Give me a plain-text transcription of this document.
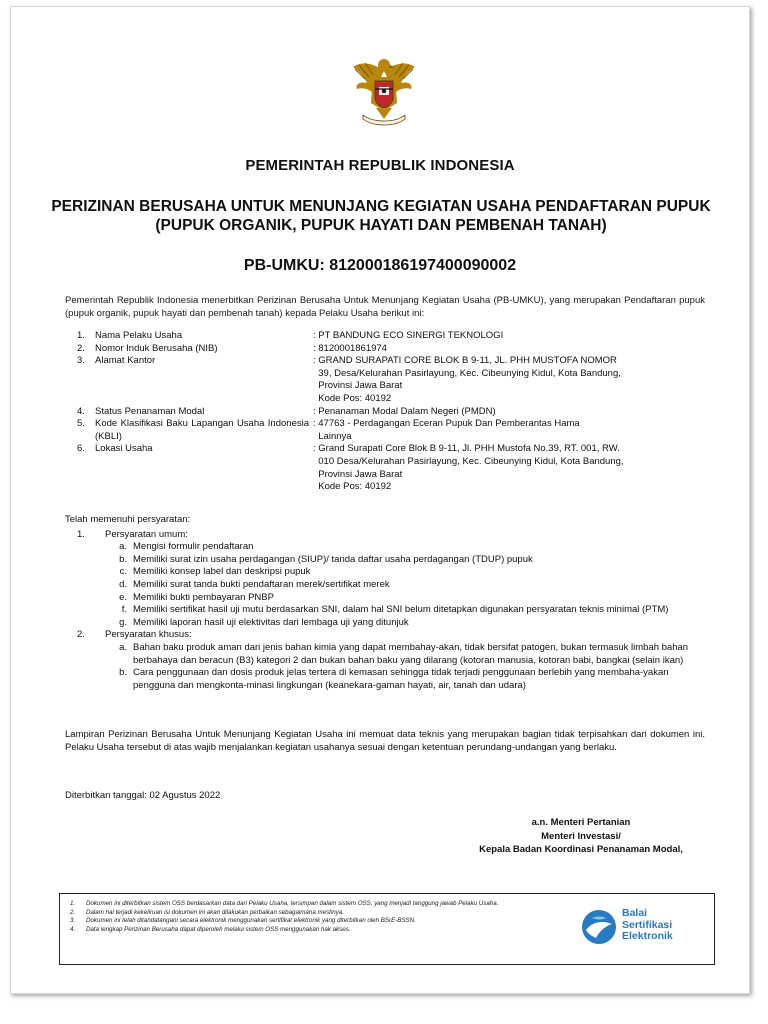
PEMERINTAH REPUBLIK INDONESIA
PERIZINAN BERUSAHA UNTUK MENUNJANG KEGIATAN USAHA PENDAFTARAN PUPUK (PUPUK ORGANIK, PUPUK HAYATI DAN PEMBENAH TANAH)
PB-UMKU: 812000186197400090002
Pemerintah Republik Indonesia menerbitkan Perizinan Berusaha Untuk Menunjang Kegiatan Usaha (PB-UMKU), yang merupakan Pendaftaran pupuk (pupuk organik, pupuk hayati dan pembenah tanah) kepada Pelaku Usaha berikut ini:
1.	Nama Pelaku Usaha	: PT BANDUNG ECO SINERGI TEKNOLOGI
2.	Nomor Induk Berusaha (NIB)	: 8120001861974
3.	Alamat Kantor	: GRAND SURAPATI CORE BLOK B 9-11, JL. PHH MUSTOFA NOMOR
39, Desa/Kelurahan Pasirlayung, Kec. Cibeunying Kidul, Kota Bandung,
Provinsi Jawa Barat
Kode Pos: 40192
4.	Status Penanaman Modal	: Penanaman Modal Dalam Negeri (PMDN)
5.	Kode Klasifikasi Baku Lapangan Usaha Indonesia (KBLI)
: 47763 - Perdagangan Eceran Pupuk Dan Pemberantas Hama
Lainnya
6.	Lokasi Usaha	: Grand Surapati Core Blok B 9-11, Jl. PHH Mustofa No.39, RT. 001, RW.
010 Desa/Kelurahan Pasirlayung, Kec. Cibeunying Kidul, Kota Bandung,
Provinsi Jawa Barat
Kode Pos: 40192
Telah memenuhi persyaratan:
1.	Persyaratan umum:
a. Mengisi formulir pendaftaran
b. Memiliki surat izin usaha perdagangan (SIUP)/ tanda daftar usaha perdagangan (TDUP) pupuk
c. Memiliki konsep label dan deskripsi pupuk
d. Memiliki surat tanda bukti pendaftaran merek/sertifikat merek
e. Memiliki bukti pembayaran PNBP
f. Memiliki sertifikat hasil uji mutu berdasarkan SNI, dalam hal SNI belum ditetapkan digunakan persyaratan teknis minimal (PTM)
g. Memiliki laporan hasil uji elektivitas dari lembaga uji yang ditunjuk
2.	Persyaratan khusus:
a. Bahan baku produk aman dari jenis bahan kimia yang dapat membahay-akan, tidak bersifat patogen, bukan termasuk limbah bahan berbahaya dan beracun (B3) kategori 2 dan bukan bahan baku yang dilarang (kotoran manusia, kotoran babi, bangkai (selain ikan)
b. Cara penggunaan dan dosis produk jelas tertera di kemasan sehingga tidak terjadi penggunaan berlebih yang membaha-yakan pengguna dan mengkonta-minasi lingkungan (keanekara-gaman hayati, air, tanah dan udara)
Lampiran Perizinan Berusaha Untuk Menunjang Kegiatan Usaha ini memuat data teknis yang merupakan bagian tidak terpisahkan dari dokumen ini. Pelaku Usaha tersebut di atas wajib menjalankan kegiatan usahanya sesuai dengan ketentuan perundang-undangan yang berlaku.
Diterbitkan tanggal: 02 Agustus 2022
a.n. Menteri Pertanian
Menteri Investasi/
Kepala Badan Koordinasi Penanaman Modal,
1.	Dokumen ini diterbitkan sistem OSS berdasarkan data dari Pelaku Usaha, tersimpan dalam sistem OSS, yang menjadi tanggung jawab Pelaku Usaha.
2.	Dalam hal terjadi kekeliruan isi dokumen ini akan dilakukan perbaikan sebagaimana mestinya.
3.	Dokumen ini telah ditandatangani secara elektronik menggunakan sertifikat elektronik yang diterbitkan oleh BSrE-BSSN.
4.	Data lengkap Perizinan Berusaha dapat diperoleh melalui sistem OSS menggunakan hak akses.
Balai
Sertifikasi
Elektronik
